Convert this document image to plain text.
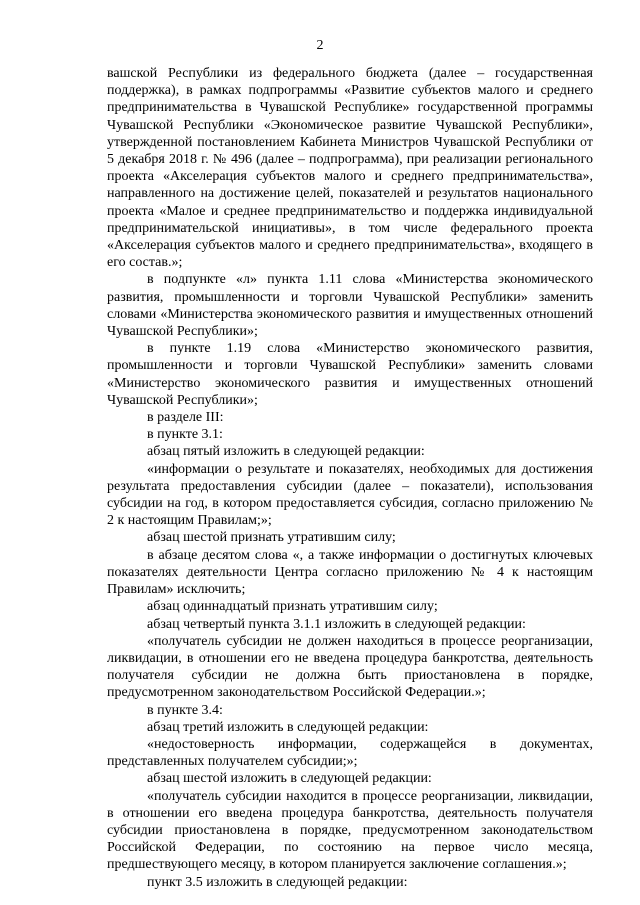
2

вашской Республики из федерального бюджета (далее – государственная поддержка), в рамках подпрограммы «Развитие субъектов малого и среднего предпринимательства в Чувашской Республике» государственной программы Чувашской Республики «Экономическое развитие Чувашской Республики», утвержденной постановлением Кабинета Министров Чувашской Республики от 5 декабря 2018 г. № 496 (далее – подпрограмма), при реализации регионального проекта «Акселерация субъектов малого и среднего предпринимательства», направленного на достижение целей, показателей и результатов национального проекта «Малое и среднее предпринимательство и поддержка индивидуальной предпринимательской инициативы», в том числе федерального проекта «Акселерация субъектов малого и среднего предпринимательства», входящего в его состав.»;

в подпункте «л» пункта 1.11 слова «Министерства экономического развития, промышленности и торговли Чувашской Республики» заменить словами «Министерства экономического развития и имущественных отношений Чувашской Республики»;

в пункте 1.19 слова «Министерство экономического развития, промышленности и торговли Чувашской Республики» заменить словами «Министерство экономического развития и имущественных отношений Чувашской Республики»;

в разделе III:

в пункте 3.1:

абзац пятый изложить в следующей редакции:

«информации о результате и показателях, необходимых для достижения результата предоставления субсидии (далее – показатели), использования субсидии на год, в котором предоставляется субсидия, согласно приложению № 2 к настоящим Правилам;»;

абзац шестой признать утратившим силу;

в абзаце десятом слова «, а также информации о достигнутых ключевых показателях деятельности Центра согласно приложению № 4 к настоящим Правилам» исключить;

абзац одиннадцатый признать утратившим силу;

абзац четвертый пункта 3.1.1 изложить в следующей редакции:

«получатель субсидии не должен находиться в процессе реорганизации, ликвидации, в отношении его не введена процедура банкротства, деятельность получателя субсидии не должна быть приостановлена в порядке, предусмотренном законодательством Российской Федерации.»;

в пункте 3.4:

абзац третий изложить в следующей редакции:

«недостоверность информации, содержащейся в документах, представленных получателем субсидии;»;

абзац шестой изложить в следующей редакции:

«получатель субсидии находится в процессе реорганизации, ликвидации, в отношении его введена процедура банкротства, деятельность получателя субсидии приостановлена в порядке, предусмотренном законодательством Российской Федерации, по состоянию на первое число месяца, предшествующего месяцу, в котором планируется заключение соглашения.»;

пункт 3.5 изложить в следующей редакции:
